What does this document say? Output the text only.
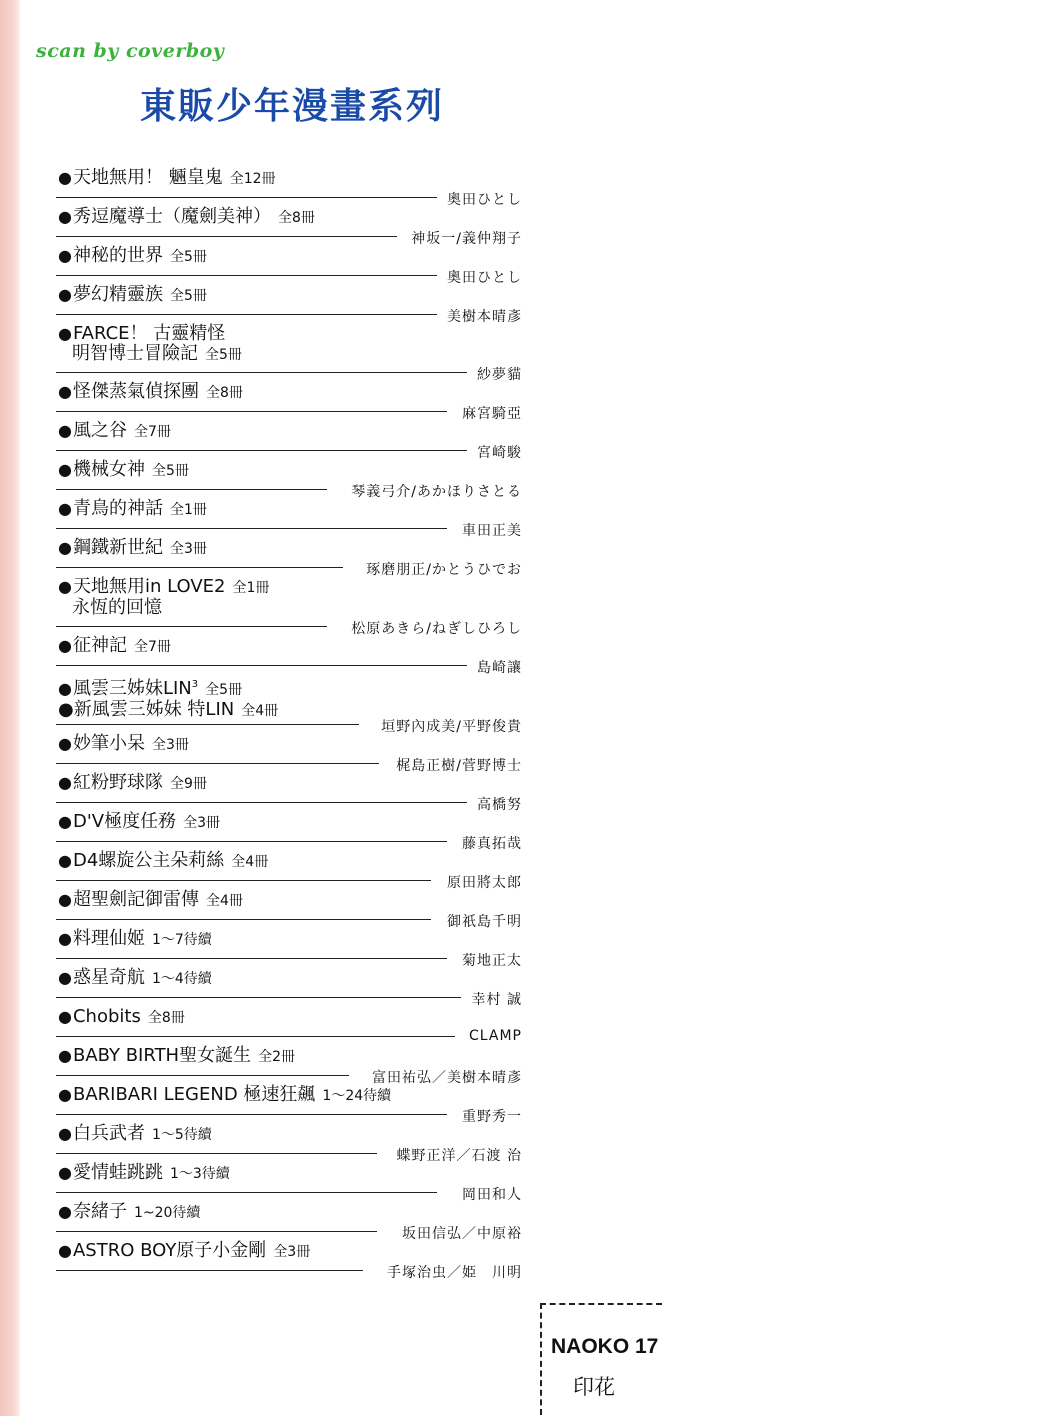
scan by coverboy
東販少年漫畫系列
●天地無用！ 魎皇鬼 全12冊
奧田ひとし
●秀逗魔導士（魔劍美神） 全8冊
神坂一/義仲翔子
●神秘的世界 全5冊
奧田ひとし
●夢幻精靈族 全5冊
美樹本晴彥
●FARCE！ 古靈精怪
明智博士冒險記 全5冊
紗夢貓
●怪傑蒸氣偵探團 全8冊
麻宮騎亞
●風之谷 全7冊
宮崎駿
●機械女神 全5冊
琴義弓介/あかほりさとる
●青鳥的神話 全1冊
車田正美
●鋼鐵新世紀 全3冊
琢磨朋正/かとうひでお
●天地無用in LOVE2 全1冊
永恆的回憶
松原あきら/ねぎしひろし
●征神記 全7冊
島崎讓
●風雲三姊妹LIN$^3$ 全5冊
●新風雲三姊妹 特LIN 全4冊
垣野內成美/平野俊貴
●妙筆小呆 全3冊
梶島正樹/菅野博士
●紅粉野球隊 全9冊
高橋努
●D'V極度任務 全3冊
藤真拓哉
●D4螺旋公主朵莉絲 全4冊
原田將太郎
●超聖劍記御雷傳 全4冊
御祇島千明
●料理仙姬 1～7待續
菊地正太
●惑星奇航 1～4待續
幸村 誠
●Chobits 全8冊
CLAMP
●BABY BIRTH聖女誕生 全2冊
富田祐弘／美樹本晴彥
●BARIBARI LEGEND 極速狂飆 1～24待續
重野秀一
●白兵武者 1～5待續
蝶野正洋／石渡 治
●愛情蛙跳跳 1～3待續
岡田和人
●奈緒子 1~20待續
坂田信弘／中原裕
●ASTRO BOY原子小金剛 全3冊
手塚治虫／姫　川明
NAOKO 17
印花
